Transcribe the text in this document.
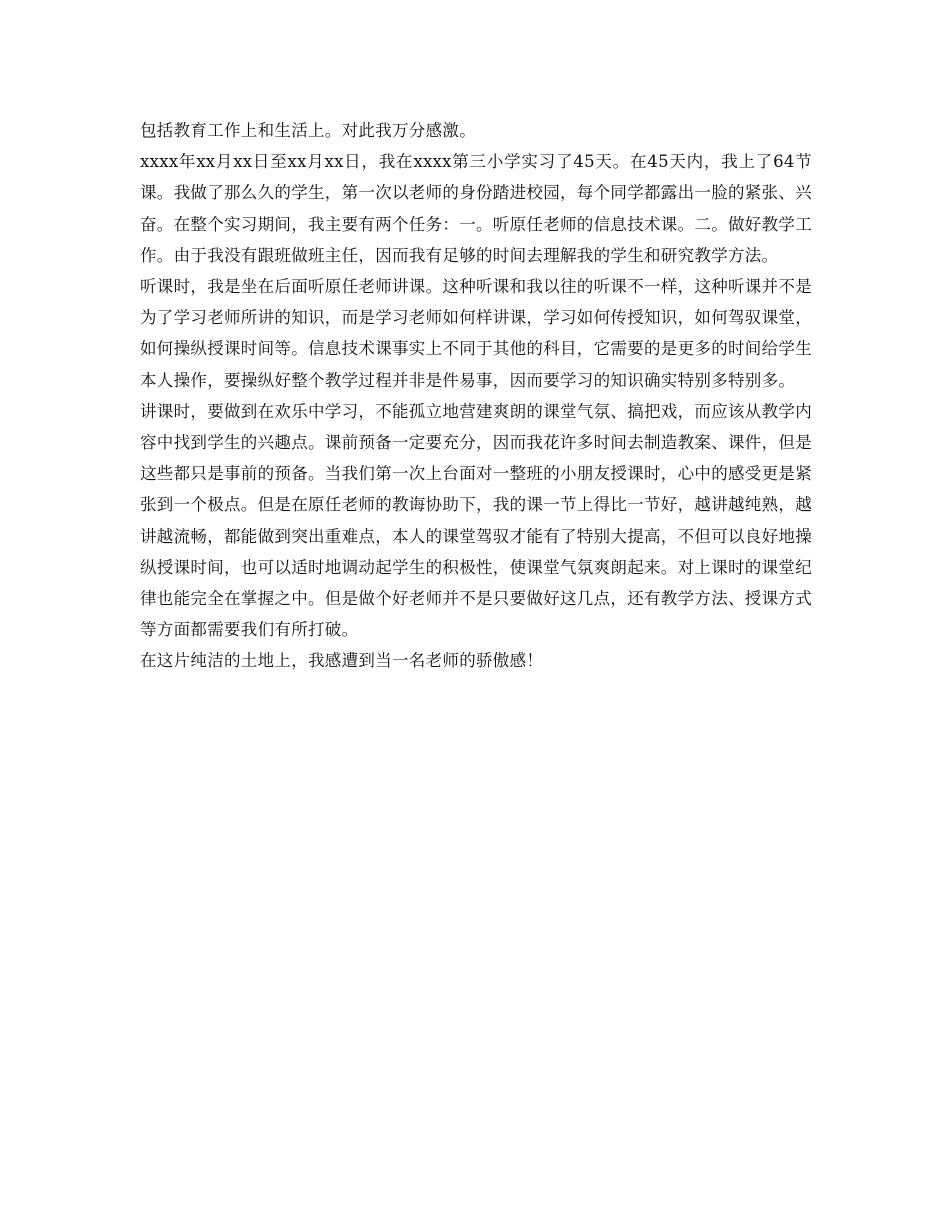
包括教育工作上和生活上。对此我万分感激。

xxxx年xx月xx日至xx月xx日，我在xxxx第三小学实习了45天。在45天内，我上了64节课。我做了那么久的学生，第一次以老师的身份踏进校园，每个同学都露出一脸的紧张、兴奋。在整个实习期间，我主要有两个任务：一。听原任老师的信息技术课。二。做好教学工作。由于我没有跟班做班主任，因而我有足够的时间去理解我的学生和研究教学方法。

听课时，我是坐在后面听原任老师讲课。这种听课和我以往的听课不一样，这种听课并不是为了学习老师所讲的知识，而是学习老师如何样讲课，学习如何传授知识，如何驾驭课堂，如何操纵授课时间等。信息技术课事实上不同于其他的科目，它需要的是更多的时间给学生本人操作，要操纵好整个教学过程并非是件易事，因而要学习的知识确实特别多特别多。

讲课时，要做到在欢乐中学习，不能孤立地营建爽朗的课堂气氛、搞把戏，而应该从教学内容中找到学生的兴趣点。课前预备一定要充分，因而我花许多时间去制造教案、课件，但是这些都只是事前的预备。当我们第一次上台面对一整班的小朋友授课时，心中的感受更是紧张到一个极点。但是在原任老师的教诲协助下，我的课一节上得比一节好，越讲越纯熟，越讲越流畅，都能做到突出重难点，本人的课堂驾驭才能有了特别大提高，不但可以良好地操纵授课时间，也可以适时地调动起学生的积极性，使课堂气氛爽朗起来。对上课时的课堂纪律也能完全在掌握之中。但是做个好老师并不是只要做好这几点，还有教学方法、授课方式等方面都需要我们有所打破。

在这片纯洁的土地上，我感遭到当一名老师的骄傲感！
